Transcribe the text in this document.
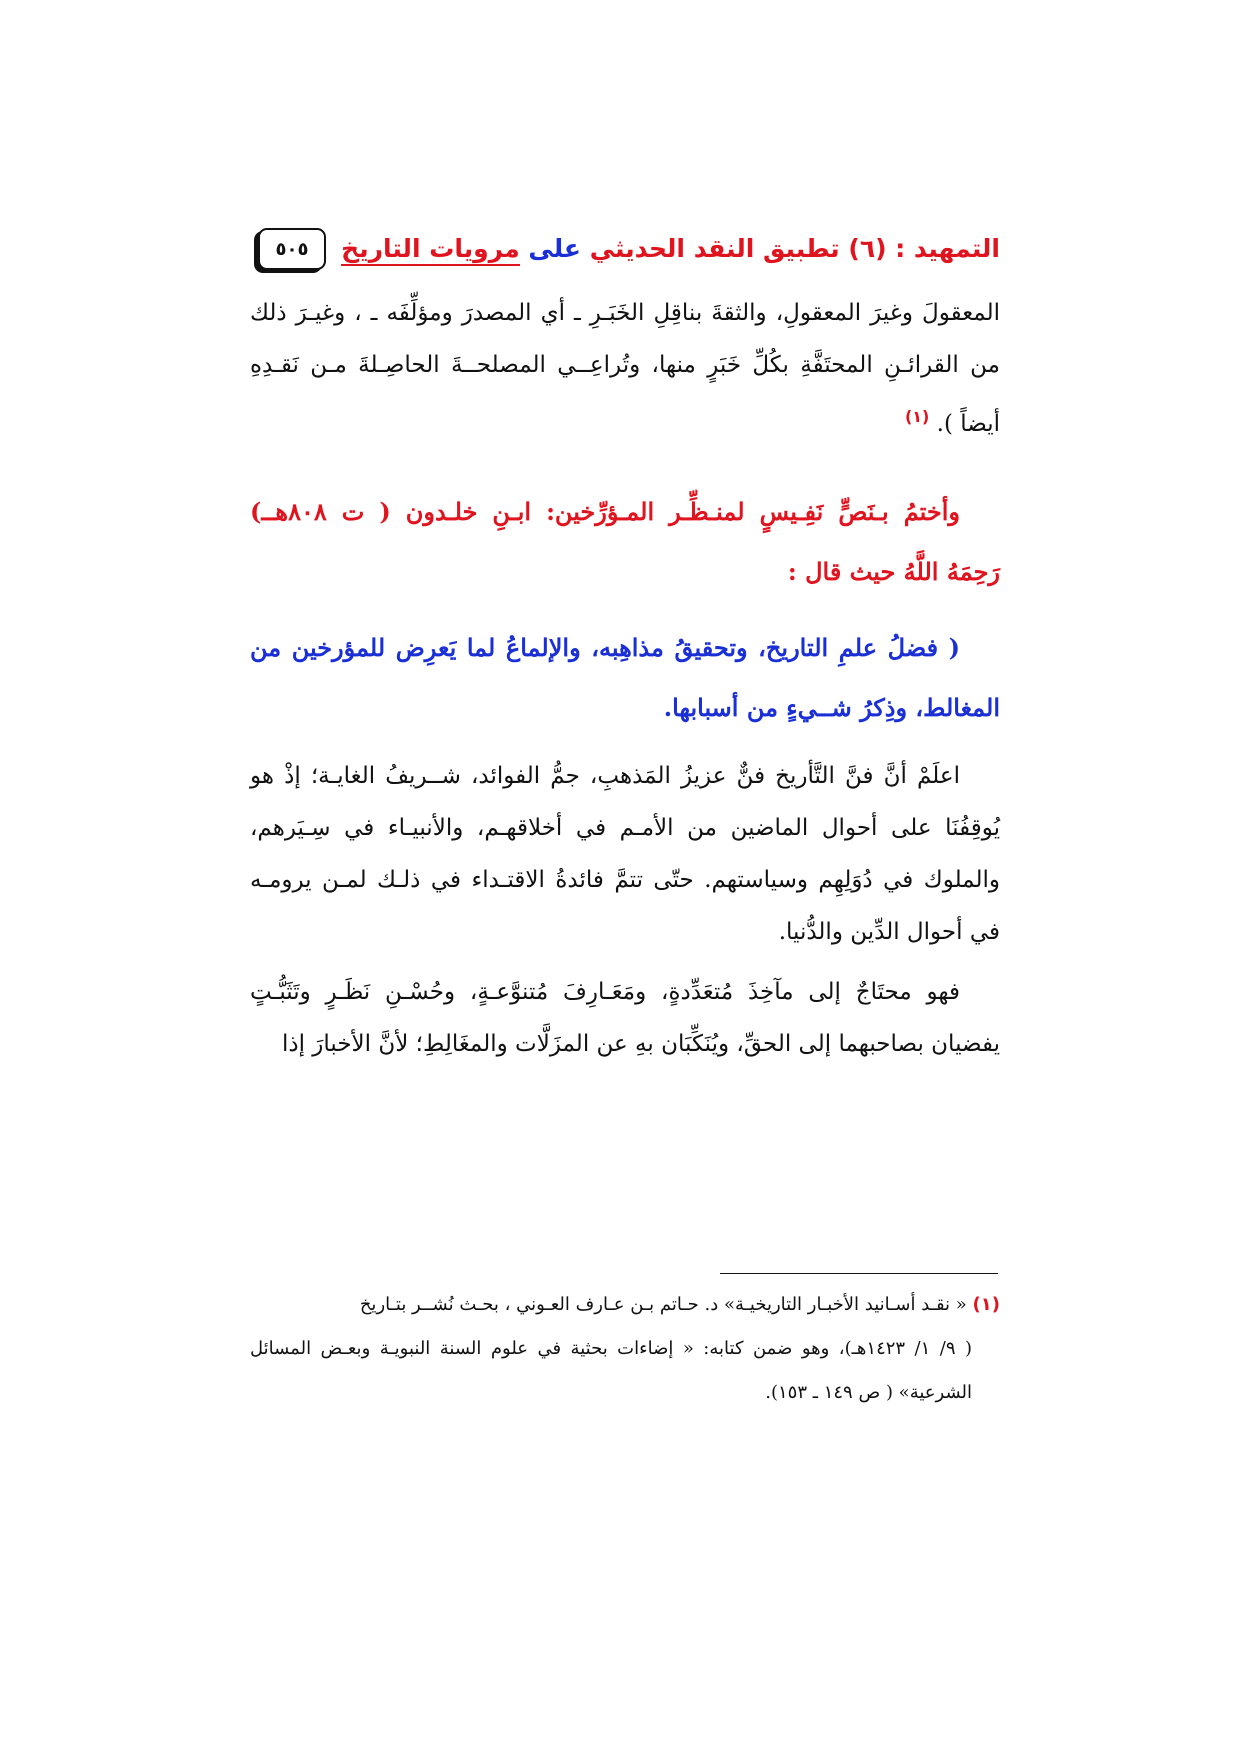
التمهيد : (٦) تطبيق النقد الحديثي على مرويات التاريخ
٥٠٥

المعقولَ وغيرَ المعقولِ، والثقةَ بناقِلِ الخَبَـرِ ـ أي المصدرَ ومؤلِّفَه ـ ، وغيـرَ ذلك من القرائـنِ المحتَفَّةِ بكُلِّ خَبَرٍ منها، وتُراعِــي المصلحــةَ الحاصِـلةَ مـن نَقـدِهِ أيضاً ). $^{(١)}$

وأختمُ بـنَصٍّ نَفِـيسٍ لمنـظِّـر المـؤرِّخين: ابـنِ خلـدون ( ت ٨٠٨هــ) رَحِمَهُ اللَّهُ حيث قال :

( فضلُ علمِ التاريخ، وتحقيقُ مذاهِبه، والإلماعُ لما يَعرِض للمؤرخين من المغالط، وذِكرُ شــيءٍ من أسبابها.

اعلَمْ أنَّ فنَّ التَّأريخ فنٌّ عزيزُ المَذهبِ، جمُّ الفوائد، شــريفُ الغايـة؛ إذْ هو يُوقِفُنَا على أحوال الماضين من الأمـم في أخلاقهـم، والأنبيـاء في سِـيَرهم، والملوك في دُوَلِهِم وسياستهم. حتّى تتمَّ فائدةُ الاقتـداء في ذلـك لمـن يرومـه في أحوال الدِّين والدُّنيا.

فهو محتَاجٌ إلى مآخِذَ مُتعَدِّدةٍ، ومَعَـارِفَ مُتنوَّعـةٍ، وحُسْـنِ نَظَـرٍ وتَثَبُّـتٍ يفضيان بصاحبهما إلى الحقِّ، ويُنَكِّبَان بهِ عن المزَلَّات والمغَالِطِ؛ لأنَّ الأخبارَ إذا

(١) « نقـد أسـانيد الأخبـار التاريخيـة» د. حـاتم بـن عـارف العـوني ، بحـث نُشــر بتـاريخ
( ٩/ ١/ ١٤٢٣هـ)، وهو ضمن كتابه: « إضاءات بحثية في علوم السنة النبويـة وبعـض المسائل الشرعية» ( ص ١٤٩ ـ ١٥٣).
